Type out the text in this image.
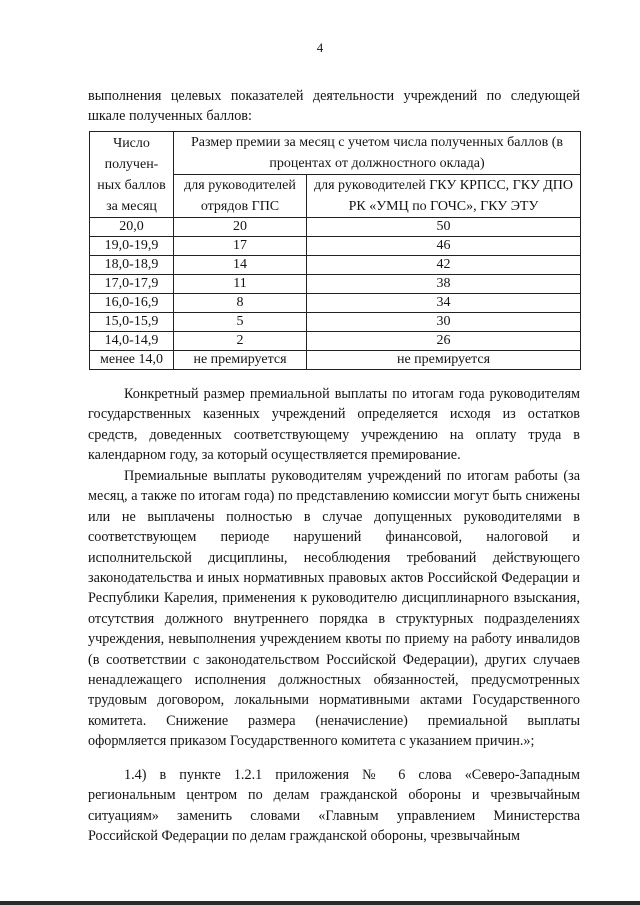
4
выполнения целевых показателей деятельности учреждений по следующей шкале полученных баллов:
Число получен-ных баллов за месяц	Размер премии за месяц с учетом числа полученных баллов (в процентах от должностного оклада)	
	для руководителей отрядов ГПС	для руководителей ГКУ КРПСС, ГКУ ДПО РК «УМЦ по ГОЧС», ГКУ ЭТУ
20,0	20	50
19,0-19,9	17	46
18,0-18,9	14	42
17,0-17,9	11	38
16,0-16,9	8	34
15,0-15,9	5	30
14,0-14,9	2	26
менее 14,0	не премируется	не премируется
Конкретный размер премиальной выплаты по итогам года руководителям государственных казенных учреждений определяется исходя из остатков средств, доведенных соответствующему учреждению на оплату труда в календарном году, за который осуществляется премирование.
Премиальные выплаты руководителям учреждений по итогам работы (за месяц, а также по итогам года) по представлению комиссии могут быть снижены или не выплачены полностью в случае допущенных руководителями в соответствующем периоде нарушений финансовой, налоговой и исполнительской дисциплины, несоблюдения требований действующего законодательства и иных нормативных правовых актов Российской Федерации и Республики Карелия, применения к руководителю дисциплинарного взыскания, отсутствия должного внутреннего порядка в структурных подразделениях учреждения, невыполнения учреждением квоты по приему на работу инвалидов (в соответствии с законодательством Российской Федерации), других случаев ненадлежащего исполнения должностных обязанностей, предусмотренных трудовым договором, локальными нормативными актами Государственного комитета. Снижение размера (неначисление) премиальной выплаты оформляется приказом Государственного комитета с указанием причин.»;
1.4) в пункте 1.2.1 приложения № 6 слова «Северо-Западным региональным центром по делам гражданской обороны и чрезвычайным ситуациям» заменить словами «Главным управлением Министерства Российской Федерации по делам гражданской обороны, чрезвычайным
